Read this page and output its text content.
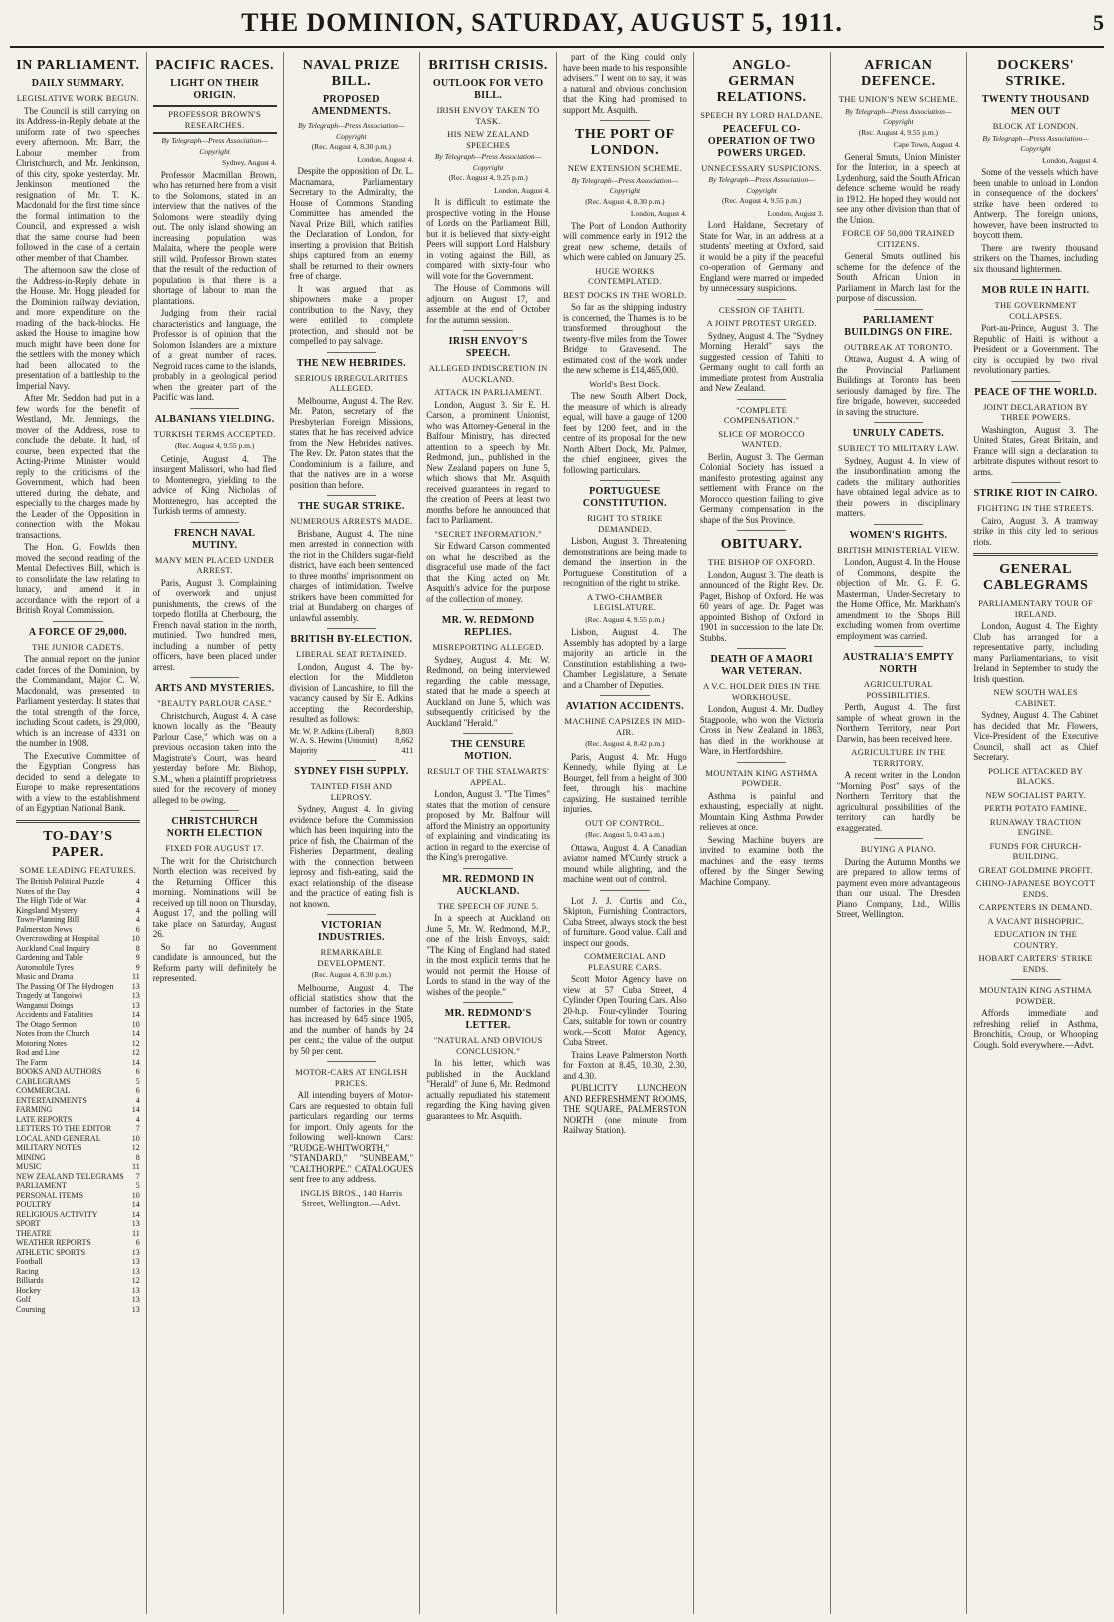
THE DOMINION, SATURDAY, AUGUST 5, 1911.	5
IN PARLIAMENT.
DAILY SUMMARY.
LEGISLATIVE WORK BEGUN.

The Council is still carrying on its Address-in-Reply debate at the uniform rate of two speeches every afternoon. Mr. Barr, the Labour member from Christchurch, and Mr. Jenkinson, of this city, spoke yesterday. Mr. Jenkinson mentioned the resignation of Mr. T. K. Macdonald for the first time since the formal intimation to the Council, and expressed a wish that the same course had been followed in the case of a certain other member of that Chamber.

The afternoon saw the close of the Address-in-Reply debate in the House. Mr. Hogg pleaded for the Dominion railway deviation, and more expenditure on the roading of the back-blocks. He asked the House to imagine how much might have been done for the settlers with the money which had been allocated to the presentation of a battleship to the Imperial Navy.

After Mr. Seddon had put in a few words for the benefit of Westland, Mr. Jennings, the mover of the Address, rose to conclude the debate. It had, of course, been expected that the Acting-Prime Minister would reply to the criticisms of the Government, which had been uttered during the debate, and especially to the charges made by the Leader of the Opposition in connection with the Mokau transactions.

The Hon. G. Fowlds then moved the second reading of the Mental Defectives Bill, which is to consolidate the law relating to lunacy, and amend it in accordance with the report of a British Royal Commission.

A FORCE OF 29,000.
THE JUNIOR CADETS.

The annual report on the junior cadet forces of the Dominion, by the Commandant, Major C. W. Macdonald, was presented to Parliament yesterday. It states that the total strength of the force, including Scout cadets, is 29,000, which is an increase of 4331 on the number in 1908.

The Executive Committee of the Egyptian Congress has decided to send a delegate to Europe to make representations with a view to the establishment of an Egyptian National Bank.

TO-DAY'S PAPER.
SOME LEADING FEATURES.
The British Political Puzzle	4
Notes of the Day	4
The High Tide of War	4
Kingsland Mystery	4
Town-Planning Bill	4
Palmerston News	6
Overcrowding at Hospital	10
Auckland Coal Inquiry	8
Gardening and Table	9
Automobile Tyres	9
Music and Drama	11
The Passing Of The Hydrogen	13
Tragedy at Tangoiwi	13
Wanganui Doings	13
Accidents and Fatalities	14
The Otago Sermon	10
Notes from the Church	14
Motoring Notes	12
Rod and Line	12
The Farm	14
BOOKS AND AUTHORS	6
CABLEGRAMS	5
COMMERCIAL	6
ENTERTAINMENTS	4
FARMING	14
LATE REPORTS	4
LETTERS TO THE EDITOR	7
LOCAL AND GENERAL	10
MILITARY NOTES	12
MINING	8
MUSIC	11
NEW ZEALAND TELEGRAMS	7
PARLIAMENT	5
PERSONAL ITEMS	10
POULTRY	14
RELIGIOUS ACTIVITY	14
SPORT	13
THEATRE	11
WEATHER REPORTS	6
ATHLETIC SPORTS	13
Football	13
Racing	13
Billiards	12
Hockey	13
Golf	13
Coursing	13
PACIFIC RACES.
LIGHT ON THEIR ORIGIN.
PROFESSOR BROWN'S RESEARCHES.
By Telegraph—Press Association—Copyright
Sydney, August 4.

Professor Macmillan Brown, who has returned here from a visit to the Solomons, stated in an interview that the natives of the Solomons were steadily dying out. The only island showing an increasing population was Malaita, where the people were still wild. Professor Brown states that the result of the reduction of population is that there is a shortage of labour to man the plantations.

Judging from their racial characteristics and language, the Professor is of opinion that the Solomon Islanders are a mixture of a great number of races. Negroid races came to the islands, probably in a geological period when the greater part of the Pacific was land.

ALBANIANS YIELDING.
TURKISH TERMS ACCEPTED.
(Rec. August 4, 9.55 p.m.)

Cetinje, August 4. The insurgent Malissori, who had fled to Montenegro, yielding to the advice of King Nicholas of Montenegro, has accepted the Turkish terms of amnesty.

FRENCH NAVAL MUTINY.
MANY MEN PLACED UNDER ARREST.

Paris, August 3. Complaining of overwork and unjust punishments, the crews of the torpedo flotilla at Cherbourg, the French naval station in the north, mutinied. Two hundred men, including a number of petty officers, have been placed under arrest.

ARTS AND MYSTERIES.
"BEAUTY PARLOUR CASE."

Christchurch, August 4. A case known locally as the "Beauty Parlour Case," which was on a previous occasion taken into the Magistrate's Court, was heard yesterday before Mr. Bishop, S.M., when a plaintiff proprietress sued for the recovery of money alleged to be owing.

CHRISTCHURCH NORTH ELECTION
FIXED FOR AUGUST 17.

The writ for the Christchurch North election was received by the Returning Officer this morning. Nominations will be received up till noon on Thursday, August 17, and the polling will take place on Saturday, August 26.

So far no Government candidate is announced, but the Reform party will definitely be represented.

NAVAL PRIZE BILL.
PROPOSED AMENDMENTS.
By Telegraph—Press Association—Copyright
(Rec. August 4, 8.30 p.m.)
London, August 4.

Despite the opposition of Dr. L. Macnamara, Parliamentary Secretary to the Admiralty, the House of Commons Standing Committee has amended the Naval Prize Bill, which ratifies the Declaration of London, for inserting a provision that British ships captured from an enemy shall be returned to their owners free of charge.

It was argued that as shipowners make a proper contribution to the Navy, they were entitled to complete protection, and should not be compelled to pay salvage.

THE NEW HEBRIDES.
SERIOUS IRREGULARITIES ALLEGED.

Melbourne, August 4. The Rev. Mr. Paton, secretary of the Presbyterian Foreign Missions, states that he has received advice from the New Hebrides natives. The Rev. Dr. Paton states that the Condominium is a failure, and that the natives are in a worse position than before.

THE SUGAR STRIKE.
NUMEROUS ARRESTS MADE.

Brisbane, August 4. The nine men arrested in connection with the riot in the Childers sugar-field district, have each been sentenced to three months' imprisonment on charges of intimidation. Twelve strikers have been committed for trial at Bundaberg on charges of unlawful assembly.

BRITISH BY-ELECTION.
LIBERAL SEAT RETAINED.

London, August 4. The by-election for the Middleton division of Lancashire, to fill the vacancy caused by Sir E. Adkins accepting the Recordership, resulted as follows:

Mr. W. P. Adkins (Liberal)	8,803
W. A. S. Hewins (Unionist)	8,662
Majority	411
SYDNEY FISH SUPPLY.
TAINTED FISH AND LEPROSY.

Sydney, August 4. In giving evidence before the Commission which has been inquiring into the price of fish, the Chairman of the Fisheries Department, dealing with the connection between leprosy and fish-eating, said the exact relationship of the disease and the practice of eating fish is not known.

VICTORIAN INDUSTRIES.
REMARKABLE DEVELOPMENT.
(Rec. August 4, 8.30 p.m.)

Melbourne, August 4. The official statistics show that the number of factories in the State has increased by 645 since 1905, and the number of hands by 24 per cent.; the value of the output by 50 per cent.

MOTOR-CARS AT ENGLISH PRICES.

All intending buyers of Motor-Cars are requested to obtain full particulars regarding our terms for import. Only agents for the following well-known Cars: "RUDGE-WHITWORTH," "STANDARD," "SUNBEAM," "CALTHORPE." CATALOGUES sent free to any address.

INGLIS BROS., 140 Harris Street, Wellington.—Advt.
BRITISH CRISIS.
OUTLOOK FOR VETO BILL.
IRISH ENVOY TAKEN TO TASK.
HIS NEW ZEALAND SPEECHES
By Telegraph—Press Association—Copyright
(Rec. August 4, 9.25 p.m.)
London, August 4.

It is difficult to estimate the prospective voting in the House of Lords on the Parliament Bill, but it is believed that sixty-eight Peers will support Lord Halsbury in voting against the Bill, as compared with sixty-four who will vote for the Government.

The House of Commons will adjourn on August 17, and assemble at the end of October for the autumn session.

IRISH ENVOY'S SPEECH.
ALLEGED INDISCRETION IN AUCKLAND.
ATTACK IN PARLIAMENT.

London, August 3. Sir E. H. Carson, a prominent Unionist, who was Attorney-General in the Balfour Ministry, has directed attention to a speech by Mr. Redmond, jun., published in the New Zealand papers on June 5, which shows that Mr. Asquith received guarantees in regard to the creation of Peers at least two months before he announced that fact to Parliament.

"SECRET INFORMATION."

Sir Edward Carson commented on what he described as the disgraceful use made of the fact that the King acted on Mr. Asquith's advice for the purpose of the collection of money.

MR. W. REDMOND REPLIES.
MISREPORTING ALLEGED.

Sydney, August 4. Mr. W. Redmond, on being interviewed regarding the cable message, stated that he made a speech at Auckland on June 5, which was subsequently criticised by the Auckland "Herald."

THE CENSURE MOTION.
RESULT OF THE STALWARTS' APPEAL.

London, August 3. "The Times" states that the motion of censure proposed by Mr. Balfour will afford the Ministry an opportunity of explaining and vindicating its action in regard to the exercise of the King's prerogative.

MR. REDMOND IN AUCKLAND.
THE SPEECH OF JUNE 5.

In a speech at Auckland on June 5, Mr. W. Redmond, M.P., one of the Irish Envoys, said: "The King of England had stated in the most explicit terms that he would not permit the House of Lords to stand in the way of the wishes of the people."

MR. REDMOND'S LETTER.
"NATURAL AND OBVIOUS CONCLUSION."

In his letter, which was published in the Auckland "Herald" of June 6, Mr. Redmond actually repudiated his statement regarding the King having given guarantees to Mr. Asquith.

part of the King could only have been made to his responsible advisers." I went on to say, it was a natural and obvious conclusion that the King had promised to support Mr. Asquith.

THE PORT OF LONDON.
NEW EXTENSION SCHEME.
By Telegraph—Press Association—Copyright
(Rec. August 4, 8.30 p.m.)
London, August 4.

The Port of London Authority will commence early in 1912 the great new scheme, details of which were cabled on January 25.

HUGE WORKS CONTEMPLATED.
BEST DOCKS IN THE WORLD.

So far as the shipping industry is concerned, the Thames is to be transformed throughout the twenty-five miles from the Tower Bridge to Gravesend. The estimated cost of the work under the new scheme is £14,465,000.

World's Best Dock.

The new South Albert Dock, the measure of which is already equal, will have a gauge of 1200 feet by 1200 feet, and in the centre of its proposal for the new North Albert Dock, Mr. Palmer, the chief engineer, gives the following particulars.

PORTUGUESE CONSTITUTION.
RIGHT TO STRIKE DEMANDED.

Lisbon, August 3. Threatening demonstrations are being made to demand the insertion in the Portuguese Constitution of a recognition of the right to strike.

A TWO-CHAMBER LEGISLATURE.
(Rec. August 4, 9.55 p.m.)

Lisbon, August 4. The Assembly has adopted by a large majority an article in the Constitution establishing a two-Chamber Legislature, a Senate and a Chamber of Deputies.

AVIATION ACCIDENTS.
MACHINE CAPSIZES IN MID-AIR.
(Rec. August 4, 8.42 p.m.)

Paris, August 4. Mr. Hugo Kennedy, while flying at Le Bourget, fell from a height of 300 feet, through his machine capsizing. He sustained terrible injuries.

OUT OF CONTROL.
(Rec. August 5, 0.43 a.m.)

Ottawa, August 4. A Canadian aviator named M'Curdy struck a mound while alighting, and the machine went out of control.

Lot J. J. Curtis and Co., Skipton, Furnishing Contractors, Cuba Street, always stock the best of furniture. Good value. Call and inspect our goods.

COMMERCIAL AND PLEASURE CARS.

Scott Motor Agency have on view at 57 Cuba Street, 4 Cylinder Open Touring Cars. Also 20-h.p. Four-cylinder Touring Cars, suitable for town or country work.—Scott Motor Agency, Cuba Street.

Trains Leave Palmerston North for Foxton at 8.45, 10.30, 2.30, and 4.30.

PUBLICITY LUNCHEON AND REFRESHMENT ROOMS, THE SQUARE, PALMERSTON NORTH (one minute from Railway Station).

ANGLO-GERMAN RELATIONS.
SPEECH BY LORD HALDANE.
PEACEFUL CO-OPERATION OF TWO POWERS URGED.
UNNECESSARY SUSPICIONS.
By Telegraph—Press Association—Copyright
(Rec. August 4, 9.55 p.m.)
London, August 3.

Lord Haldane, Secretary of State for War, in an address at a students' meeting at Oxford, said it would be a pity if the peaceful co-operation of Germany and England were marred or impeded by unnecessary suspicions.

CESSION OF TAHITI.
A JOINT PROTEST URGED.

Sydney, August 4. The "Sydney Morning Herald" says the suggested cession of Tahiti to Germany ought to call forth an immediate protest from Australia and New Zealand.

"COMPLETE COMPENSATION."
SLICE OF MOROCCO WANTED.

Berlin, August 3. The German Colonial Society has issued a manifesto protesting against any settlement with France on the Morocco question failing to give Germany compensation in the shape of the Sus Province.

OBITUARY.
THE BISHOP OF OXFORD.

London, August 3. The death is announced of the Right Rev. Dr. Paget, Bishop of Oxford. He was 60 years of age. Dr. Paget was appointed Bishop of Oxford in 1901 in succession to the late Dr. Stubbs.

DEATH OF A MAORI WAR VETERAN.
A V.C. HOLDER DIES IN THE WORKHOUSE.

London, August 4. Mr. Dudley Stagpoole, who won the Victoria Cross in New Zealand in 1863, has died in the workhouse at Ware, in Hertfordshire.

MOUNTAIN KING ASTHMA POWDER.

Asthma is painful and exhausting, especially at night. Mountain King Asthma Powder relieves at once.

Sewing Machine buyers are invited to examine both the machines and the easy terms offered by the Singer Sewing Machine Company.

AFRICAN DEFENCE.
THE UNION'S NEW SCHEME.
By Telegraph—Press Association—Copyright
(Rec. August 4, 9.55 p.m.)
Cape Town, August 4.

General Smuts, Union Minister for the Interior, in a speech at Lydenburg, said the South African defence scheme would be ready in 1912. He hoped they would not see any other division than that of the Union.

FORCE OF 50,000 TRAINED CITIZENS.

General Smuts outlined his scheme for the defence of the South African Union in Parliament in March last for the purpose of discussion.

PARLIAMENT BUILDINGS ON FIRE.
OUTBREAK AT TORONTO.

Ottawa, August 4. A wing of the Provincial Parliament Buildings at Toronto has been seriously damaged by fire. The fire brigade, however, succeeded in saving the structure.

UNRULY CADETS.
SUBJECT TO MILITARY LAW.

Sydney, August 4. In view of the insubordination among the cadets the military authorities have obtained legal advice as to their powers in disciplinary matters.

WOMEN'S RIGHTS.
BRITISH MINISTERIAL VIEW.

London, August 4. In the House of Commons, despite the objection of Mr. G. F. G. Masterman, Under-Secretary to the Home Office, Mr. Markham's amendment to the Shops Bill excluding women from overtime employment was carried.

AUSTRALIA'S EMPTY NORTH
AGRICULTURAL POSSIBILITIES.

Perth, August 4. The first sample of wheat grown in the Northern Territory, near Port Darwin, has been received here.

AGRICULTURE IN THE TERRITORY.

A recent writer in the London "Morning Post" says of the Northern Territory that the agricultural possibilities of the territory can hardly be exaggerated.

BUYING A PIANO.

During the Autumn Months we are prepared to allow terms of payment even more advantageous than our usual. The Dresden Piano Company, Ltd., Willis Street, Wellington.

DOCKERS' STRIKE.
TWENTY THOUSAND MEN OUT
BLOCK AT LONDON.
By Telegraph—Press Association—Copyright
London, August 4.

Some of the vessels which have been unable to unload in London in consequence of the dockers' strike have been ordered to Antwerp. The foreign unions, however, have been instructed to boycott them.

There are twenty thousand strikers on the Thames, including six thousand lightermen.

MOB RULE IN HAITI.
THE GOVERNMENT COLLAPSES.

Port-au-Prince, August 3. The Republic of Haiti is without a President or a Government. The city is occupied by two rival revolutionary parties.

PEACE OF THE WORLD.
JOINT DECLARATION BY THREE POWERS.

Washington, August 3. The United States, Great Britain, and France will sign a declaration to arbitrate disputes without resort to arms.

STRIKE RIOT IN CAIRO.
FIGHTING IN THE STREETS.

Cairo, August 3. A tramway strike in this city led to serious riots.

GENERAL CABLEGRAMS
PARLIAMENTARY TOUR OF IRELAND.

London, August 4. The Eighty Club has arranged for a representative party, including many Parliamentarians, to visit Ireland in September to study the Irish question.

NEW SOUTH WALES CABINET.

Sydney, August 4. The Cabinet has decided that Mr. Flowers, Vice-President of the Executive Council, shall act as Chief Secretary.

POLICE ATTACKED BY BLACKS.
NEW SOCIALIST PARTY.
PERTH POTATO FAMINE.
RUNAWAY TRACTION ENGINE.
FUNDS FOR CHURCH-BUILDING.
GREAT GOLDMINE PROFIT.
CHINO-JAPANESE BOYCOTT ENDS.
CARPENTERS IN DEMAND.
A VACANT BISHOPRIC.
EDUCATION IN THE COUNTRY.
HOBART CARTERS' STRIKE ENDS.
MOUNTAIN KING ASTHMA POWDER.

Affords immediate and refreshing relief in Asthma, Bronchitis, Croup, or Whooping Cough. Sold everywhere.—Advt.
